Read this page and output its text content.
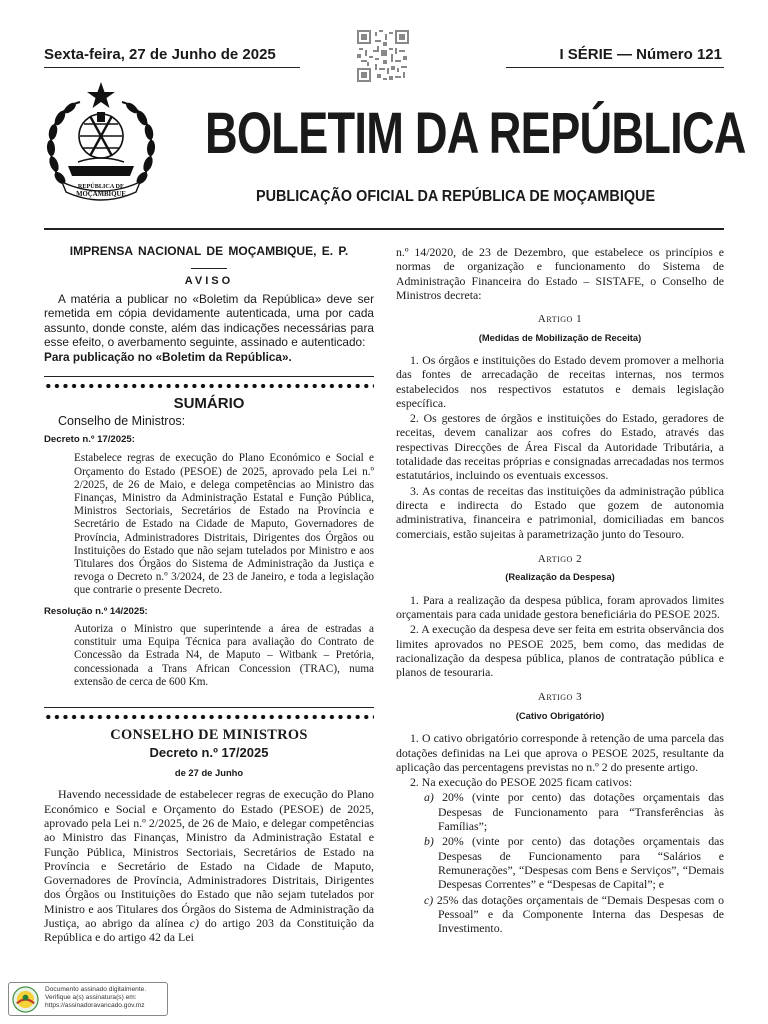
Sexta-feira, 27 de Junho de 2025	I SÉRIE — Número 121
REPÚBLICA DE
MOÇAMBIQUE
BOLETIM DA REPÚBLICA
PUBLICAÇÃO OFICIAL DA REPÚBLICA DE MOÇAMBIQUE
IMPRENSA NACIONAL DE MOÇAMBIQUE, E. P.
AVISO

A matéria a publicar no «Boletim da República» deve ser remetida em cópia devidamente autenticada, uma por cada assunto, donde conste, além das indicações necessárias para esse efeito, o averbamento seguinte, assinado e autenticado:

Para publicação no «Boletim da República».
SUMÁRIO
Conselho de Ministros:
Decreto n.º 17/2025:

Estabelece regras de execução do Plano Económico e Social e Orçamento do Estado (PESOE) de 2025, aprovado pela Lei n.º 2/2025, de 26 de Maio, e delega competências ao Ministro das Finanças, Ministro da Administração Estatal e Função Pública, Ministros Sectoriais, Secretários de Estado na Província e Secretário de Estado na Cidade de Maputo, Governadores de Província, Administradores Distritais, Dirigentes dos Órgãos ou Instituições do Estado que não sejam tutelados por Ministro e aos Titulares dos Órgãos do Sistema de Administração da Justiça e revoga o Decreto n.º 3/2024, de 23 de Janeiro, e toda a legislação que contrarie o presente Decreto.

Resolução n.º 14/2025:

Autoriza o Ministro que superintende a área de estradas a constituir uma Equipa Técnica para avaliação do Contrato de Concessão da Estrada N4, de Maputo – Witbank – Pretória, concessionada a Trans African Concession (TRAC), numa extensão de cerca de 600 Km.

CONSELHO DE MINISTROS
Decreto n.º 17/2025
de 27 de Junho

Havendo necessidade de estabelecer regras de execução do Plano Económico e Social e Orçamento do Estado (PESOE) de 2025, aprovado pela Lei n.º 2/2025, de 26 de Maio, e delegar competências ao Ministro das Finanças, Ministro da Administração Estatal e Função Pública, Ministros Sectoriais, Secretários de Estado na Província e Secretário de Estado na Cidade de Maputo, Governadores de Província, Administradores Distritais, Dirigentes dos Órgãos ou Instituições do Estado que não sejam tutelados por Ministro e aos Titulares dos Órgãos do Sistema de Administração da Justiça, ao abrigo da alínea c) do artigo 203 da Constituição da República e do artigo 42 da Lei

n.º 14/2020, de 23 de Dezembro, que estabelece os princípios e normas de organização e funcionamento do Sistema de Administração Financeira do Estado – SISTAFE, o Conselho de Ministros decreta:

Artigo 1
(Medidas de Mobilização de Receita)

1. Os órgãos e instituições do Estado devem promover a melhoria das fontes de arrecadação de receitas internas, nos termos estabelecidos nos respectivos estatutos e demais legislação específica.

2. Os gestores de órgãos e instituições do Estado, geradores de receitas, devem canalizar aos cofres do Estado, através das respectivas Direcções de Área Fiscal da Autoridade Tributária, a totalidade das receitas próprias e consignadas arrecadadas nos termos estatutários, incluindo os eventuais excessos.

3. As contas de receitas das instituições da administração pública directa e indirecta do Estado que gozem de autonomia administrativa, financeira e patrimonial, domiciliadas em bancos comerciais, estão sujeitas à parametrização junto do Tesouro.

Artigo 2
(Realização da Despesa)

1. Para a realização da despesa pública, foram aprovados limites orçamentais para cada unidade gestora beneficiária do PESOE 2025.

2. A execução da despesa deve ser feita em estrita observância dos limites aprovados no PESOE 2025, bem como, das medidas de racionalização da despesa pública, planos de contratação pública e planos de tesouraria.

Artigo 3
(Cativo Obrigatório)

1. O cativo obrigatório corresponde à retenção de uma parcela das dotações definidas na Lei que aprova o PESOE 2025, resultante da aplicação das percentagens previstas no n.º 2 do presente artigo.

2. Na execução do PESOE 2025 ficam cativos:

a) 20% (vinte por cento) das dotações orçamentais das Despesas de Funcionamento para “Transferências às Famílias”;

b) 20% (vinte por cento) das dotações orçamentais das Despesas de Funcionamento para “Salários e Remunerações”, “Despesas com Bens e Serviços”, “Demais Despesas Correntes” e “Despesas de Capital”; e

c) 25% das dotações orçamentais de “Demais Despesas com o Pessoal” e da Componente Interna das Despesas de Investimento.

Documento assinado digitalmente.
Verifique a(s) assinatura(s) em:
https://assinadoravancado.gov.mz
